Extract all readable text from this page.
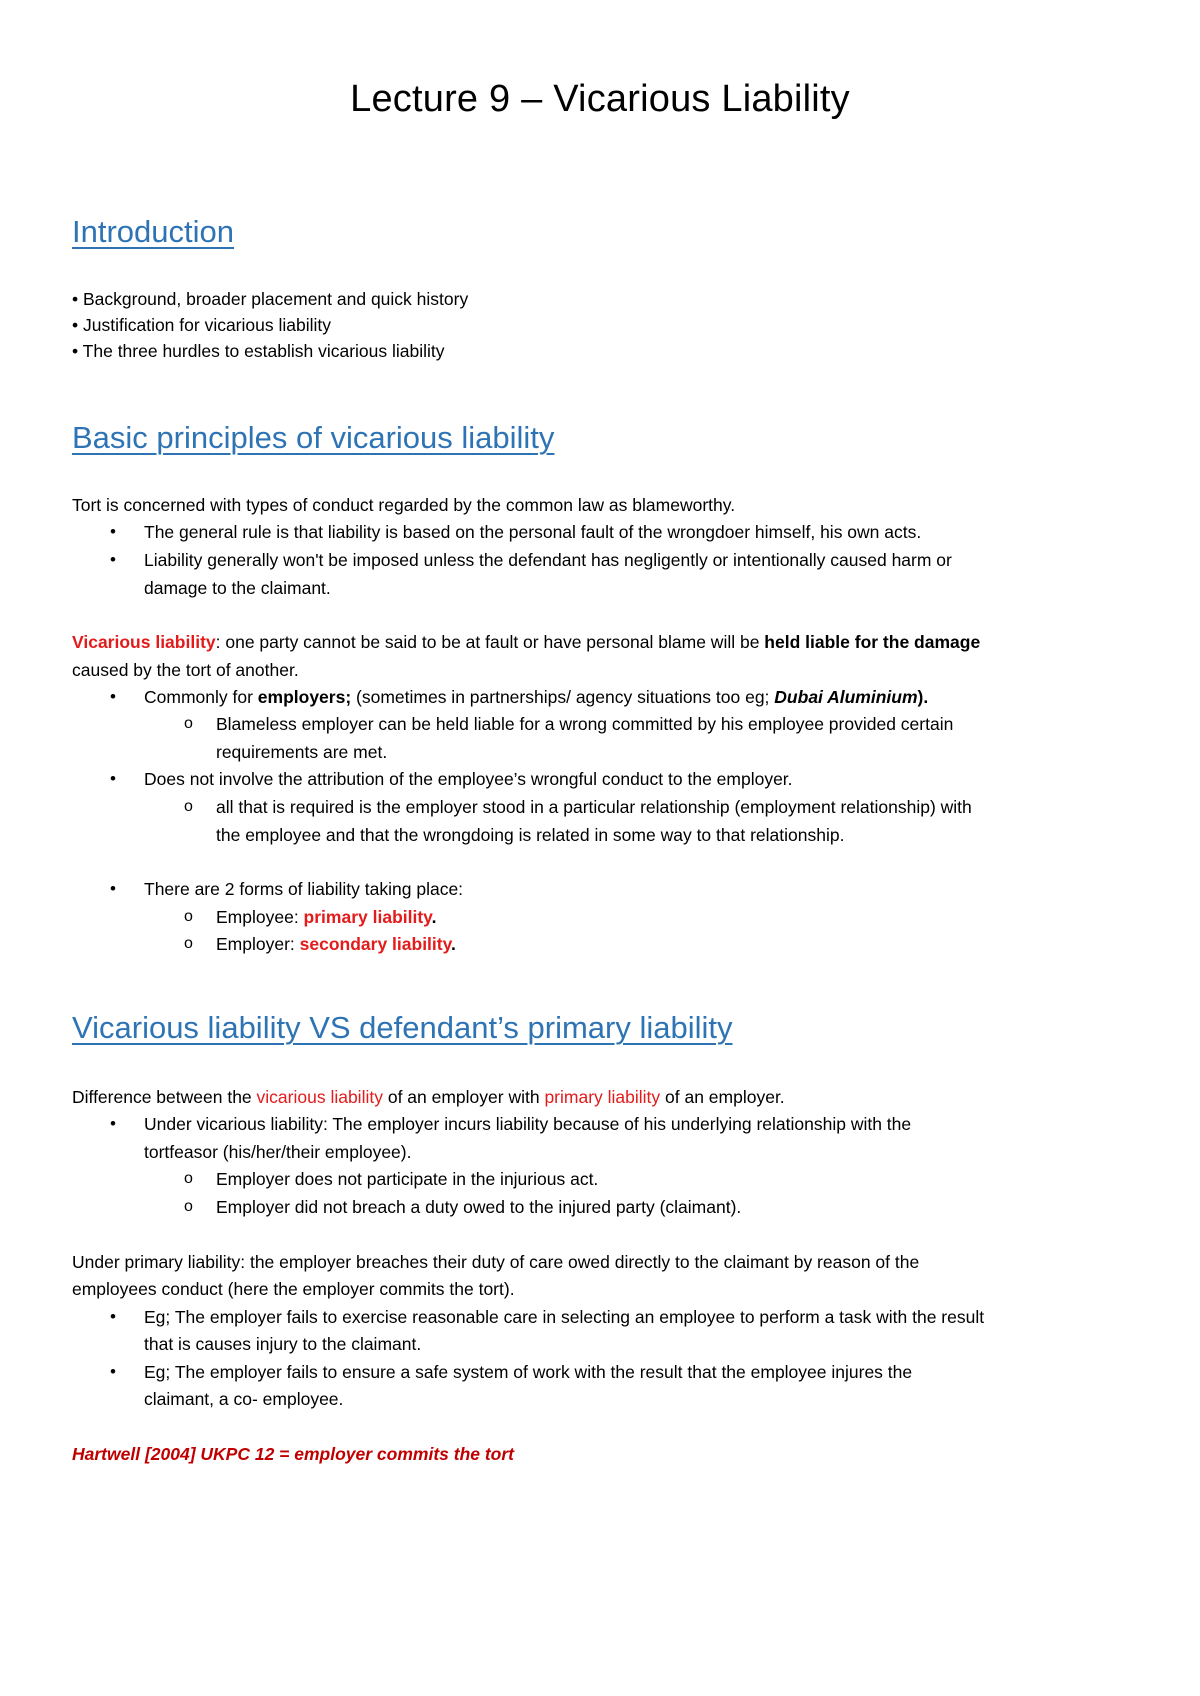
Lecture 9 – Vicarious Liability
Introduction
• Background, broader placement and quick history
• Justification for vicarious liability
• The three hurdles to establish vicarious liability
Basic principles of vicarious liability
Tort is concerned with types of conduct regarded by the common law as blameworthy.
• The general rule is that liability is based on the personal fault of the wrongdoer himself, his own acts.
• Liability generally won't be imposed unless the defendant has negligently or intentionally caused harm or
damage to the claimant.
Vicarious liability: one party cannot be said to be at fault or have personal blame will be held liable for the damage
caused by the tort of another.
• Commonly for employers; (sometimes in partnerships/ agency situations too eg; Dubai Aluminium).
o Blameless employer can be held liable for a wrong committed by his employee provided certain
requirements are met.
• Does not involve the attribution of the employee’s wrongful conduct to the employer.
o all that is required is the employer stood in a particular relationship (employment relationship) with
the employee and that the wrongdoing is related in some way to that relationship.
• There are 2 forms of liability taking place:
o Employee: primary liability.
o Employer: secondary liability.
Vicarious liability VS defendant’s primary liability
Difference between the vicarious liability of an employer with primary liability of an employer.
• Under vicarious liability: The employer incurs liability because of his underlying relationship with the
tortfeasor (his/her/their employee).
o Employer does not participate in the injurious act.
o Employer did not breach a duty owed to the injured party (claimant).
Under primary liability: the employer breaches their duty of care owed directly to the claimant by reason of the
employees conduct (here the employer commits the tort).
• Eg; The employer fails to exercise reasonable care in selecting an employee to perform a task with the result
that is causes injury to the claimant.
• Eg; The employer fails to ensure a safe system of work with the result that the employee injures the
claimant, a co- employee.
Hartwell [2004] UKPC 12 = employer commits the tort
